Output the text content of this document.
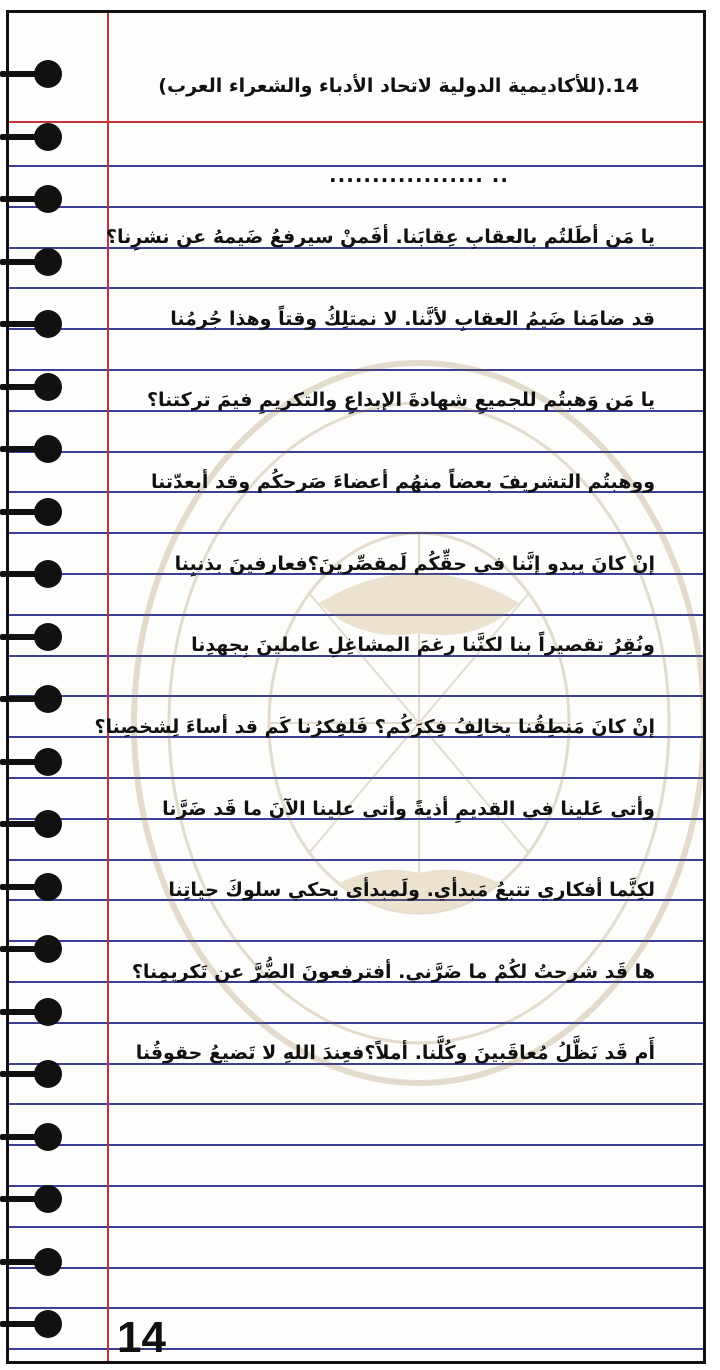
14.(للأكاديمية الدولية لاتحاد الأدباء والشعراء العرب)
.................. ..
يا مَن أطَلتُم بالعقابِ عِقابَنا. أفَمنْ سيرفعُ ضَيمهُ عن نشرِنا؟
قد ضامَنا ضَيمُ العقابِ لأنَّنا. لا نمتلِكُ وقتاً وهذا جُرمُنا
يا مَن وَهبتُم للجميعِ شهادةَ الإبداعِ والتكريمِ فيمَ تركتنا؟
ووهبتُم التشريفَ بعضاً منهُم أعضاءَ صَرحكُم وقد أبعدّتنا
إنْ كانَ يبدو إنَّنا في حقِّكُم لَمقصِّرينَ؟فعارفينَ بذنبِنا
ونُقِرُ تقصيراً بنا لكنَّنا رغمَ المشاغِلِ عاملينَ بِجهدِنا
إنْ كانَ مَنطِقُنا يخالِفُ فِكرَكُم؟ فَلفِكرُنا كَم قد أساءَ لِشخصِنا؟
وأتى عَلينا في القديمِ أذيةً وأتى علينا الآنَ ما قَد ضَرَّنا
لكِنَّما أفكاري تتبعُ مَبدأي. ولَمبدأي يحكي سلوكَ حياتِنا
ها قَد شرحتُ لكُمْ ما ضَرَّني. أفترفعونَ الضُّرَّ عن تَكريمِنا؟
أَم قَد نَظَّلُ مُعاقَبينَ وكُلَّنا. أملاً؟فعِندَ اللهِ لا تَضيعُ حقوقُنا
14
